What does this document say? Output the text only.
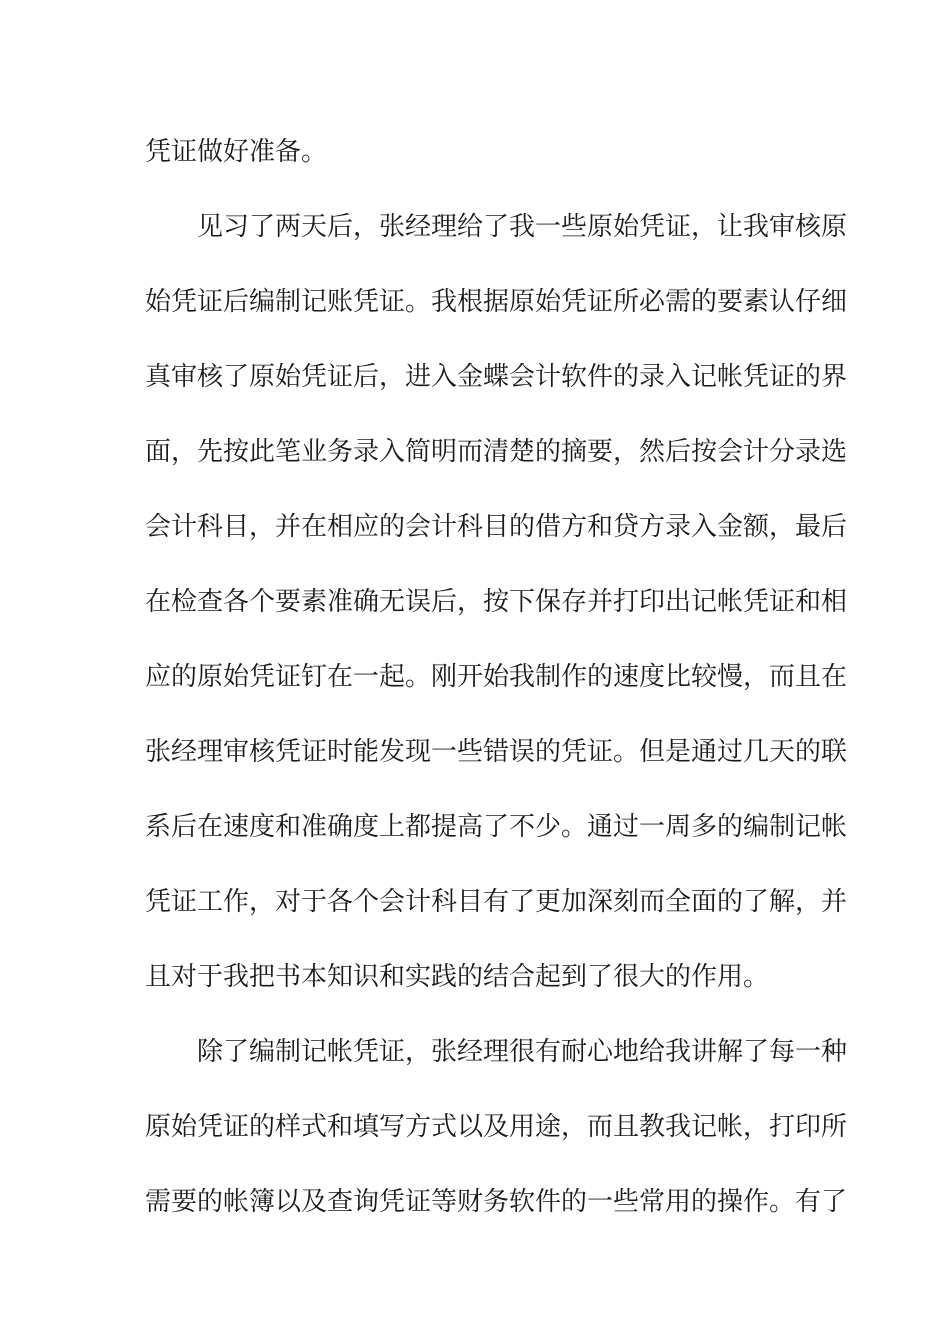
凭证做好准备。
见习了两天后，张经理给了我一些原始凭证，让我审核原
始凭证后编制记账凭证。我根据原始凭证所必需的要素认仔细
真审核了原始凭证后，进入金蝶会计软件的录入记帐凭证的界
面，先按此笔业务录入简明而清楚的摘要，然后按会计分录选
会计科目，并在相应的会计科目的借方和贷方录入金额，最后
在检查各个要素准确无误后，按下保存并打印出记帐凭证和相
应的原始凭证钉在一起。刚开始我制作的速度比较慢，而且在
张经理审核凭证时能发现一些错误的凭证。但是通过几天的联
系后在速度和准确度上都提高了不少。通过一周多的编制记帐
凭证工作，对于各个会计科目有了更加深刻而全面的了解，并
且对于我把书本知识和实践的结合起到了很大的作用。
除了编制记帐凭证，张经理很有耐心地给我讲解了每一种
原始凭证的样式和填写方式以及用途，而且教我记帐，打印所
需要的帐簿以及查询凭证等财务软件的一些常用的操作。有了
